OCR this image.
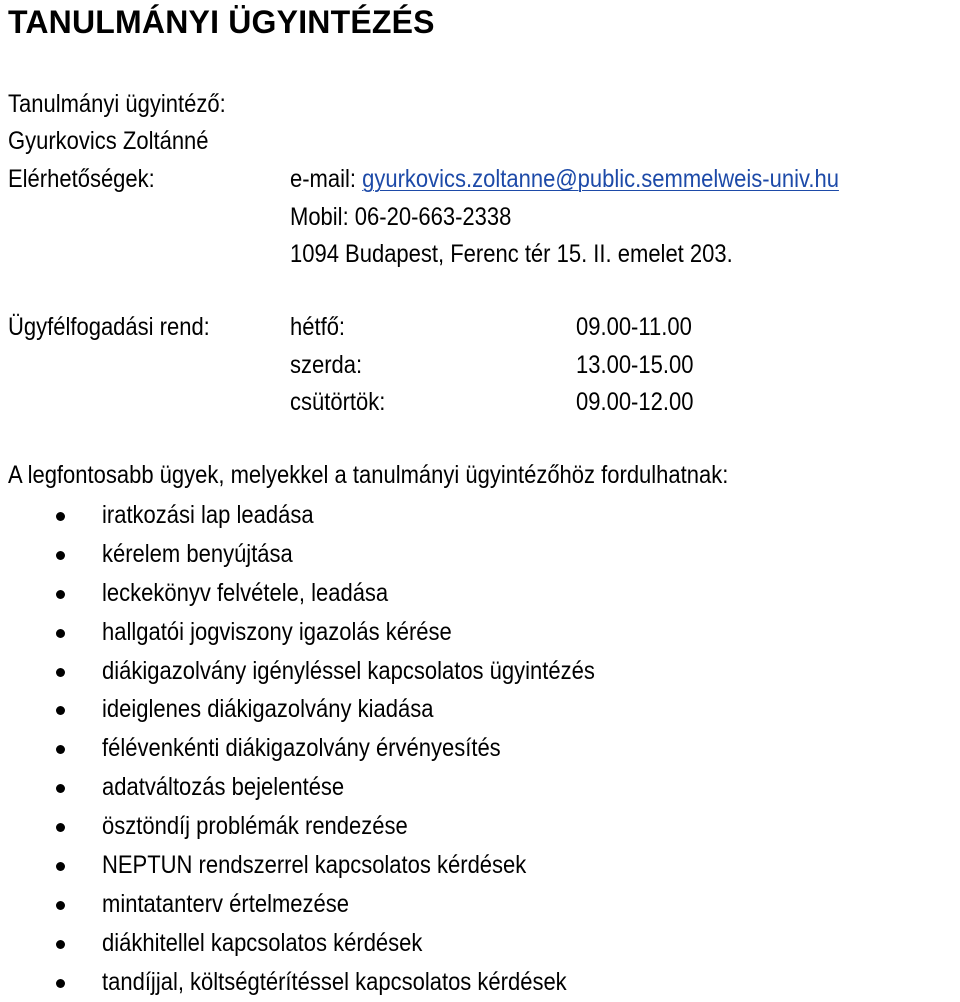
TANULMÁNYI ÜGYINTÉZÉS
Tanulmányi ügyintéző:
Gyurkovics Zoltánné
Elérhetőségek:	e-mail: gyurkovics.zoltanne@public.semmelweis-univ.hu
Mobil: 06-20-663-2338
1094 Budapest, Ferenc tér 15. II. emelet 203.
Ügyfélfogadási rend:	hétfő:	09.00-11.00
szerda:	13.00-15.00
csütörtök:	09.00-12.00
A legfontosabb ügyek, melyekkel a tanulmányi ügyintézőhöz fordulhatnak:
iratkozási lap leadása
kérelem benyújtása
leckekönyv felvétele, leadása
hallgatói jogviszony igazolás kérése
diákigazolvány igényléssel kapcsolatos ügyintézés
ideiglenes diákigazolvány kiadása
félévenkénti diákigazolvány érvényesítés
adatváltozás bejelentése
ösztöndíj problémák rendezése
NEPTUN rendszerrel kapcsolatos kérdések
mintatanterv értelmezése
diákhitellel kapcsolatos kérdések
tandíjjal, költségtérítéssel kapcsolatos kérdések
